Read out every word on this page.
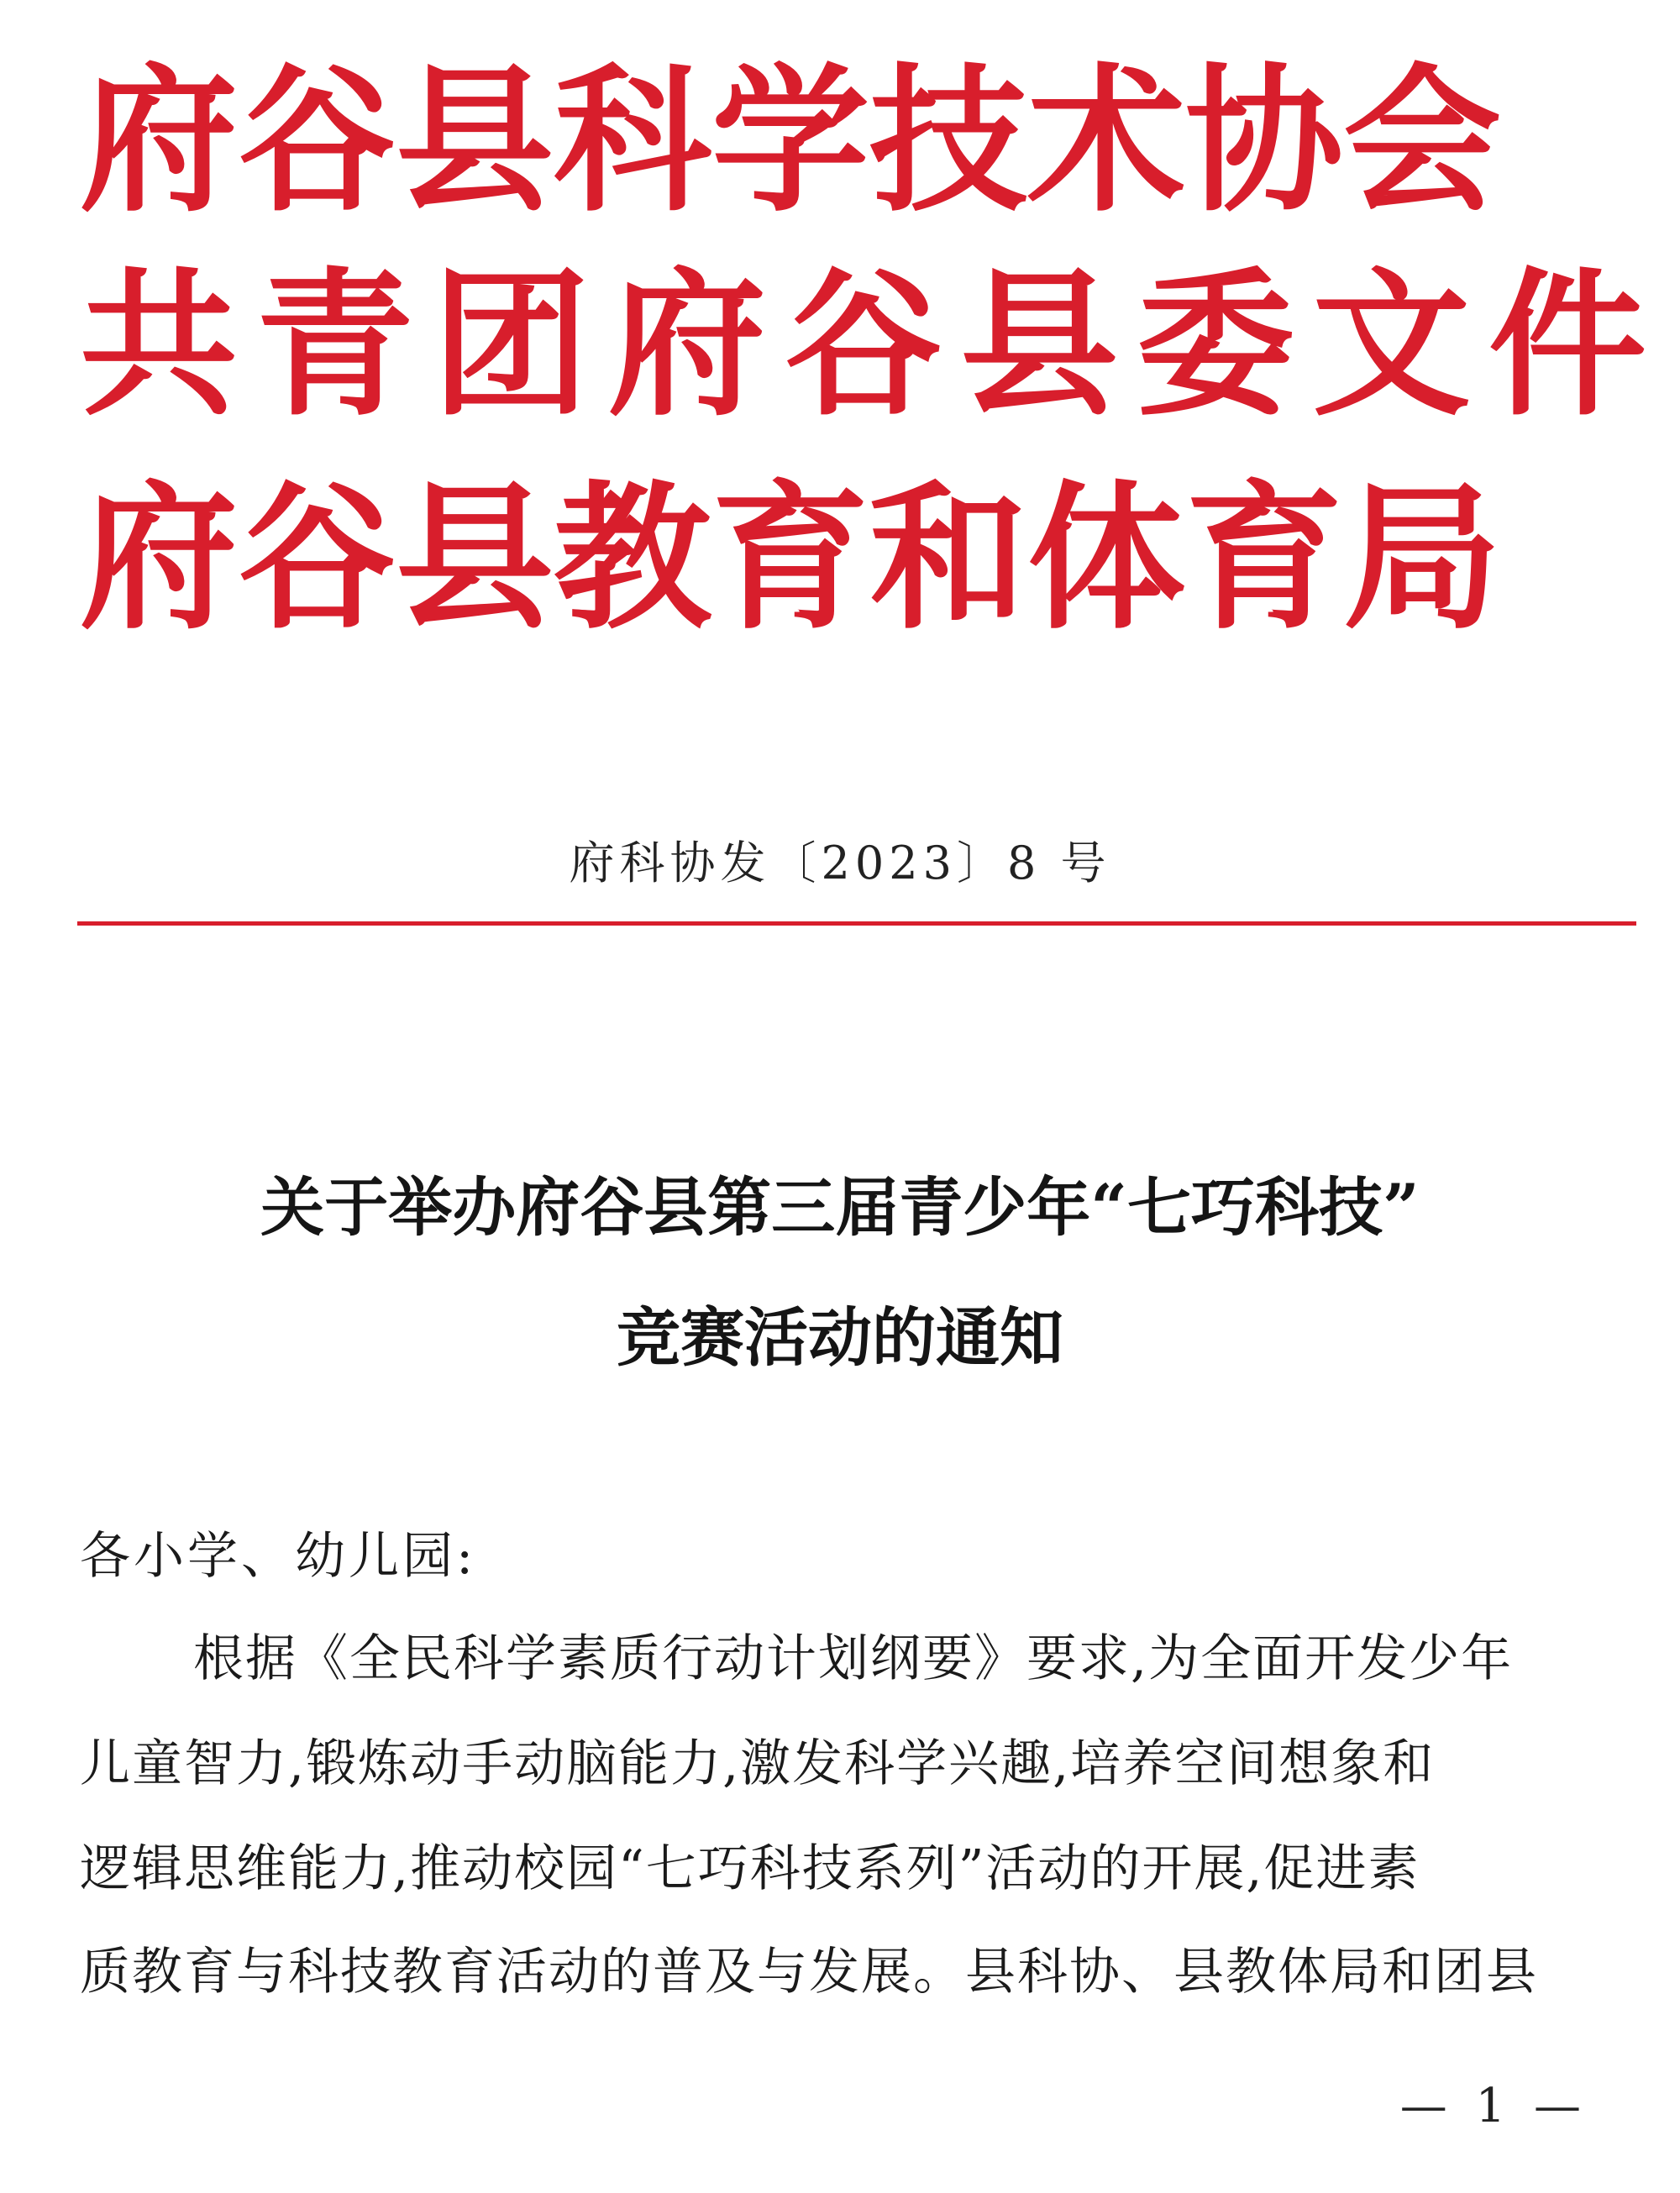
府谷县科学技术协会
共 青 团 府 谷 县 委 文 件
府谷县教育和体育局
府科协发〔2023〕8 号
关于举办府谷县第三届青少年“七巧科技”
竞赛活动的通知
各小学、幼儿园:
根据《全民科学素质行动计划纲要》要求,为全面开发少年
儿童智力,锻炼动手动脑能力,激发科学兴趣,培养空间想象和
逻辑思维能力,推动校园“七巧科技系列”活动的开展,促进素
质教育与科技教育活动的普及与发展。县科协、县教体局和团县
— 1 —
